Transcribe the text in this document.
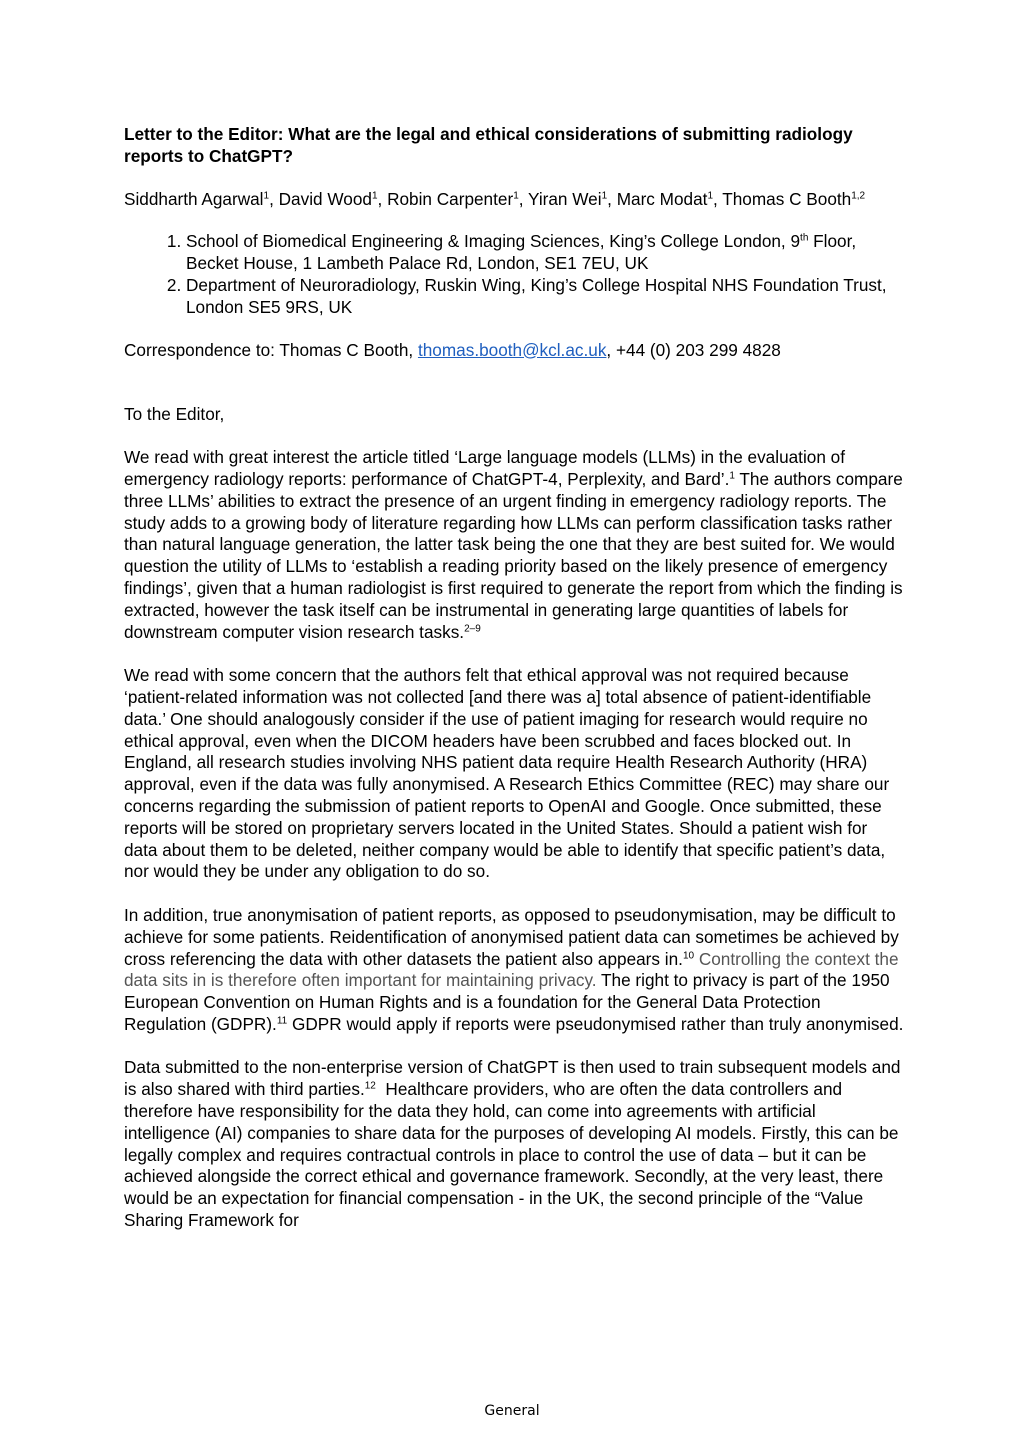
Letter to the Editor: What are the legal and ethical considerations of submitting radiology reports to ChatGPT?
Siddharth Agarwal$^1$, David Wood$^1$, Robin Carpenter$^1$, Yiran Wei$^1$, Marc Modat$^1$, Thomas C Booth$^{1,2}$
1. School of Biomedical Engineering & Imaging Sciences, King’s College London, 9th Floor, Becket House, 1 Lambeth Palace Rd, London, SE1 7EU, UK
2. Department of Neuroradiology, Ruskin Wing, King’s College Hospital NHS Foundation Trust, London SE5 9RS, UK
Correspondence to: Thomas C Booth, thomas.booth@kcl.ac.uk, +44 (0) 203 299 4828
To the Editor,

We read with great interest the article titled ‘Large language models (LLMs) in the evaluation of emergency radiology reports: performance of ChatGPT-4, Perplexity, and Bard’.$^1$ The authors compare three LLMs’ abilities to extract the presence of an urgent finding in emergency radiology reports. The study adds to a growing body of literature regarding how LLMs can perform classification tasks rather than natural language generation, the latter task being the one that they are best suited for. We would question the utility of LLMs to ‘establish a reading priority based on the likely presence of emergency findings’, given that a human radiologist is first required to generate the report from which the finding is extracted, however the task itself can be instrumental in generating large quantities of labels for downstream computer vision research tasks.$^{2-9}$

We read with some concern that the authors felt that ethical approval was not required because ‘patient-related information was not collected [and there was a] total absence of patient-identifiable data.’ One should analogously consider if the use of patient imaging for research would require no ethical approval, even when the DICOM headers have been scrubbed and faces blocked out. In England, all research studies involving NHS patient data require Health Research Authority (HRA) approval, even if the data was fully anonymised. A Research Ethics Committee (REC) may share our concerns regarding the submission of patient reports to OpenAI and Google. Once submitted, these reports will be stored on proprietary servers located in the United States. Should a patient wish for data about them to be deleted, neither company would be able to identify that specific patient’s data, nor would they be under any obligation to do so.

In addition, true anonymisation of patient reports, as opposed to pseudonymisation, may be difficult to achieve for some patients. Reidentification of anonymised patient data can sometimes be achieved by cross referencing the data with other datasets the patient also appears in.$^{10}$ Controlling the context the data sits in is therefore often important for maintaining privacy. The right to privacy is part of the 1950 European Convention on Human Rights and is a foundation for the General Data Protection Regulation (GDPR).$^{11}$ GDPR would apply if reports were pseudonymised rather than truly anonymised.

Data submitted to the non-enterprise version of ChatGPT is then used to train subsequent models and is also shared with third parties.$^{12}$  Healthcare providers, who are often the data controllers and therefore have responsibility for the data they hold, can come into agreements with artificial intelligence (AI) companies to share data for the purposes of developing AI models. Firstly, this can be legally complex and requires contractual controls in place to control the use of data – but it can be achieved alongside the correct ethical and governance framework. Secondly, at the very least, there would be an expectation for financial compensation - in the UK, the second principle of the “Value Sharing Framework for

General
